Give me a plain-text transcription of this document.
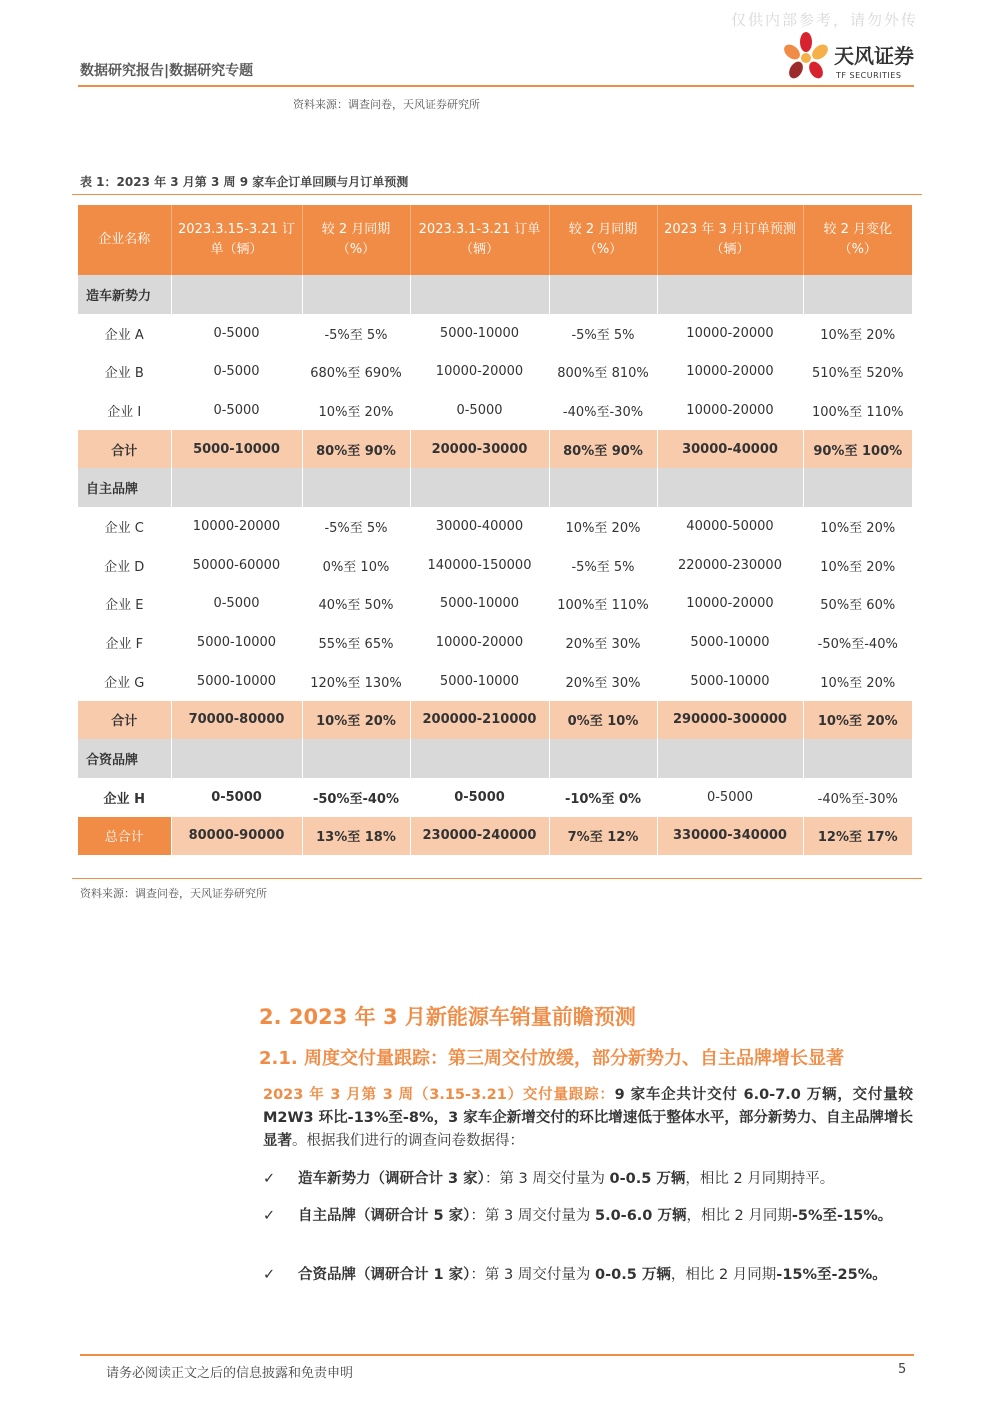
仅供内部参考，请勿外传
数据研究报告|数据研究专题
天风证券
TF SECURITIES
资料来源：调查问卷，天风证券研究所
表 1：2023 年 3 月第 3 周 9 家车企订单回顾与月订单预测
企业名称	2023.3.15-3.21 订单（辆）	较 2 月同期（%）	2023.3.1-3.21 订单（辆）	较 2 月同期（%）	2023 年 3 月订单预测（辆）	较 2 月变化（%）
造车新势力						
企业 A	0-5000	-5%至 5%	5000-10000	-5%至 5%	10000-20000	10%至 20%
企业 B	0-5000	680%至 690%	10000-20000	800%至 810%	10000-20000	510%至 520%
企业 I	0-5000	10%至 20%	0-5000	-40%至-30%	10000-20000	100%至 110%
合计	5000-10000	80%至 90%	20000-30000	80%至 90%	30000-40000	90%至 100%
自主品牌						
企业 C	10000-20000	-5%至 5%	30000-40000	10%至 20%	40000-50000	10%至 20%
企业 D	50000-60000	0%至 10%	140000-150000	-5%至 5%	220000-230000	10%至 20%
企业 E	0-5000	40%至 50%	5000-10000	100%至 110%	10000-20000	50%至 60%
企业 F	5000-10000	55%至 65%	10000-20000	20%至 30%	5000-10000	-50%至-40%
企业 G	5000-10000	120%至 130%	5000-10000	20%至 30%	5000-10000	10%至 20%
合计	70000-80000	10%至 20%	200000-210000	0%至 10%	290000-300000	10%至 20%
合资品牌						
企业 H	0-5000	-50%至-40%	0-5000	-10%至 0%	0-5000	-40%至-30%
总合计	80000-90000	13%至 18%	230000-240000	7%至 12%	330000-340000	12%至 17%
资料来源：调查问卷，天风证券研究所
2. 2023 年 3 月新能源车销量前瞻预测
2.1. 周度交付量跟踪：第三周交付放缓，部分新势力、自主品牌增长显著
2023 年 3 月第 3 周（3.15-3.21）交付量跟踪：9 家车企共计交付 6.0-7.0 万辆，交付量较 M2W3 环比-13%至-8%，3 家车企新增交付的环比增速低于整体水平，部分新势力、自主品牌增长显著。根据我们进行的调查问卷数据得：
✓ 造车新势力（调研合计 3 家）：第 3 周交付量为 0-0.5 万辆，相比 2 月同期持平。
✓ 自主品牌（调研合计 5 家）：第 3 周交付量为 5.0-6.0 万辆，相比 2 月同期-5%至-15%。
✓ 合资品牌（调研合计 1 家）：第 3 周交付量为 0-0.5 万辆，相比 2 月同期-15%至-25%。
请务必阅读正文之后的信息披露和免责申明	5
